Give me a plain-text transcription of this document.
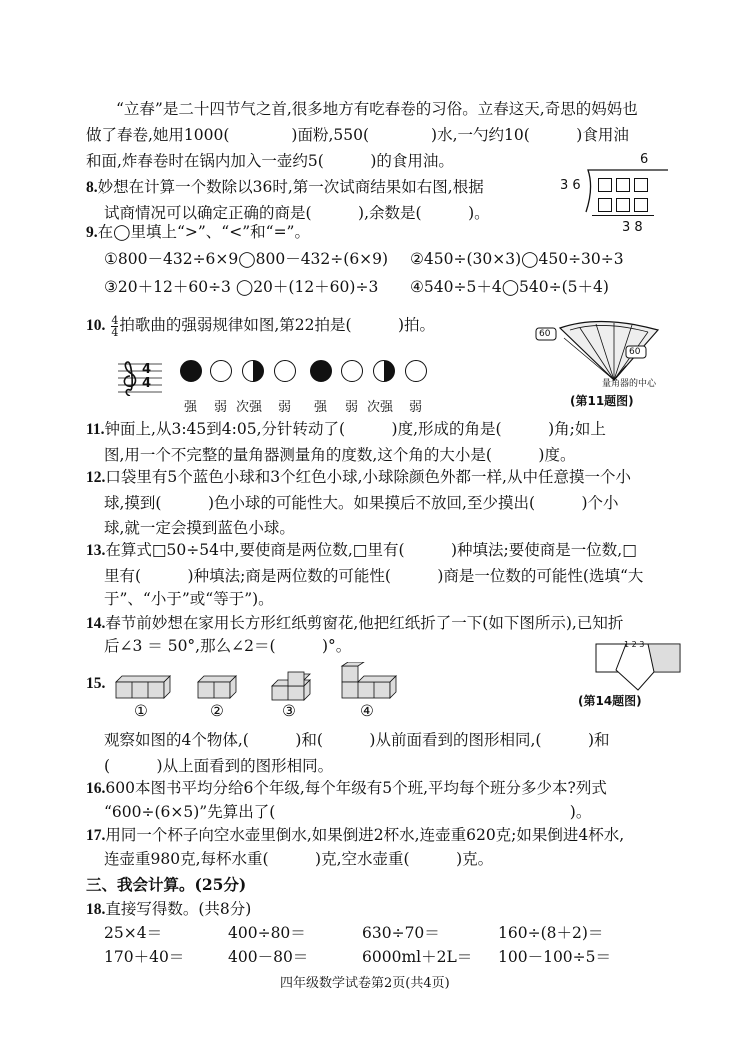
“立春”是二十四节气之首,很多地方有吃春卷的习俗。立春这天,奇思的妈妈也
做了春卷,她用1000(　　　　)面粉,550(　　　　)水,一勺约10(　　　)食用油
和面,炸春卷时在锅内加入一壶约5(　　　)的食用油。
8.妙想在计算一个数除以36时,第一次试商结果如右图,根据
试商情况可以确定正确的商是(　　　),余数是(　　　)。
6
3 6
3 8
9.在◯里填上“>”、“<”和“=”。
①800－432÷6×9◯800－432÷(6×9) ②450÷(30×3)◯450÷30÷3
③20＋12＋60÷3 ◯20＋(12＋60)÷3 ④540÷5＋4◯540÷(5＋4)
10. $\frac{4}{4}$ 拍歌曲的强弱规律如图,第22拍是(　　　)拍。
4
4
强 弱 次强 弱 强 弱 次强 弱
60
60
量角器的中心
(第11题图)
11.钟面上,从3:45到4:05,分针转动了(　　　)度,形成的角是(　　　)角;如上
图,用一个不完整的量角器测量角的度数,这个角的大小是(　　　)度。
12.口袋里有5个蓝色小球和3个红色小球,小球除颜色外都一样,从中任意摸一个小
球,摸到(　　　)色小球的可能性大。如果摸后不放回,至少摸出(　　　)个小
球,就一定会摸到蓝色小球。
13.在算式□50÷54中,要使商是两位数,□里有(　　　)种填法;要使商是一位数,□
里有(　　　)种填法;商是两位数的可能性(　　　)商是一位数的可能性(选填“大
于”、“小于”或“等于”)。
14.春节前妙想在家用长方形红纸剪窗花,他把红纸折了一下(如下图所示),已知折
后∠3 ＝ 50°,那么∠2＝(　　　)°。	1 2 3
(第14题图)
15.
①	②	③	④
观察如图的4个物体,(　　　)和(　　　)从前面看到的图形相同,(　　　)和
(　　　)从上面看到的图形相同。
16.600本图书平均分给6个年级,每个年级有5个班,平均每个班分多少本?列式
“600÷(6×5)”先算出了(　　　　　　　　　　　　　　　　　　　)。
17.用同一个杯子向空水壶里倒水,如果倒进2杯水,连壶重620克;如果倒进4杯水,
连壶重980克,每杯水重(　　　)克,空水壶重(　　　)克。
三、我会计算。(25分)
18.直接写得数。(共8分)
25×4＝	400÷80＝	630÷70＝	160÷(8＋2)＝
170＋40＝	400－80＝	6000ml＋2L＝ 100－100÷5＝
四年级数学试卷第2页(共4页)
